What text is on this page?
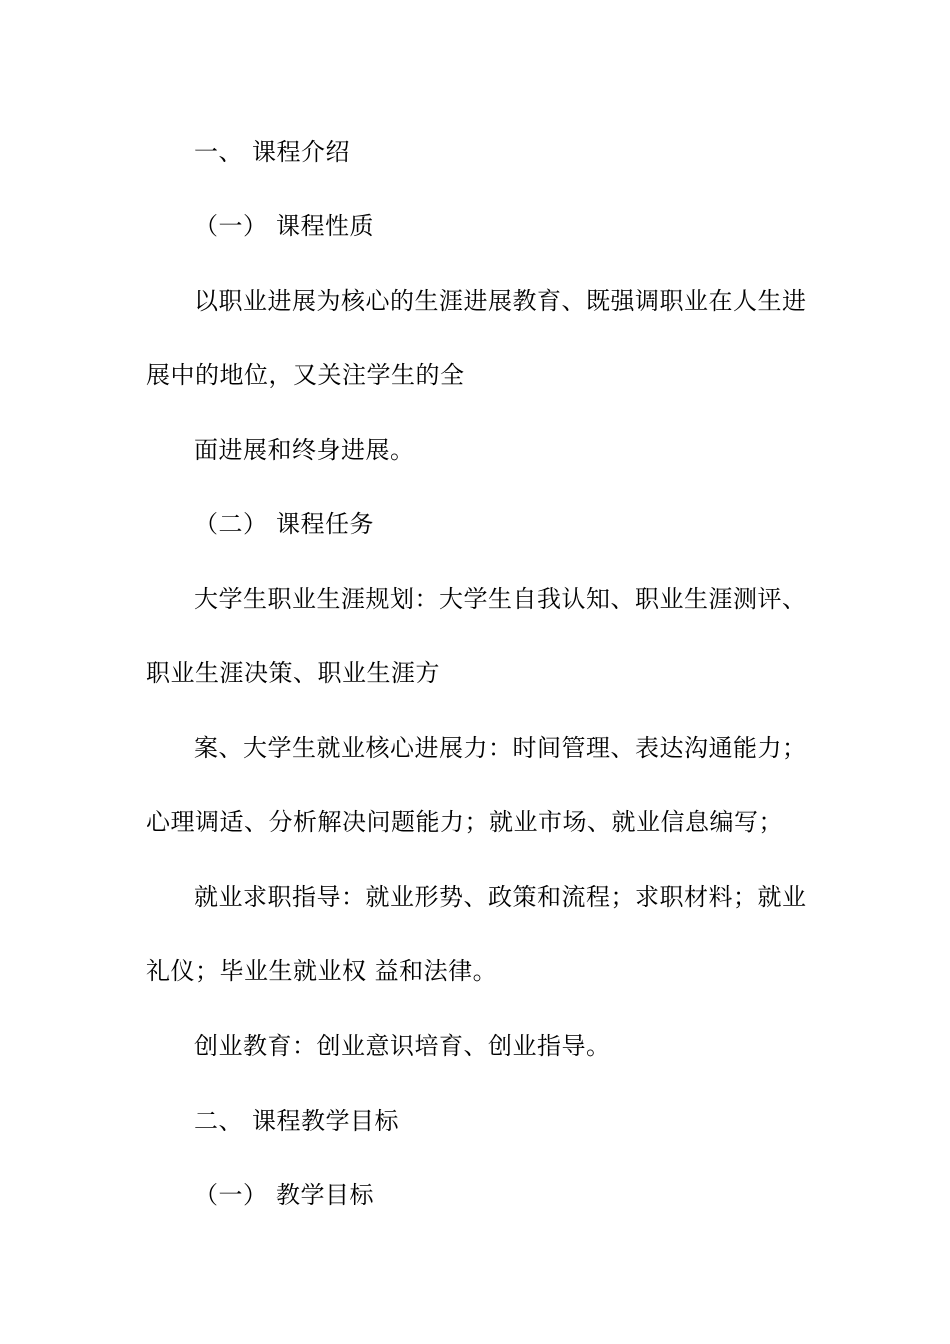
一、 课程介绍
（一） 课程性质
以职业进展为核心的生涯进展教育、既强调职业在人生进
展中的地位，又关注学生的全
面进展和终身进展。
（二） 课程任务
大学生职业生涯规划：大学生自我认知、职业生涯测评、
职业生涯决策、职业生涯方
案、大学生就业核心进展力：时间管理、表达沟通能力；
心理调适、分析解决问题能力；就业市场、就业信息编写；
就业求职指导：就业形势、政策和流程；求职材料；就业
礼仪；毕业生就业权 益和法律。
创业教育：创业意识培育、创业指导。
二、 课程教学目标
（一） 教学目标
